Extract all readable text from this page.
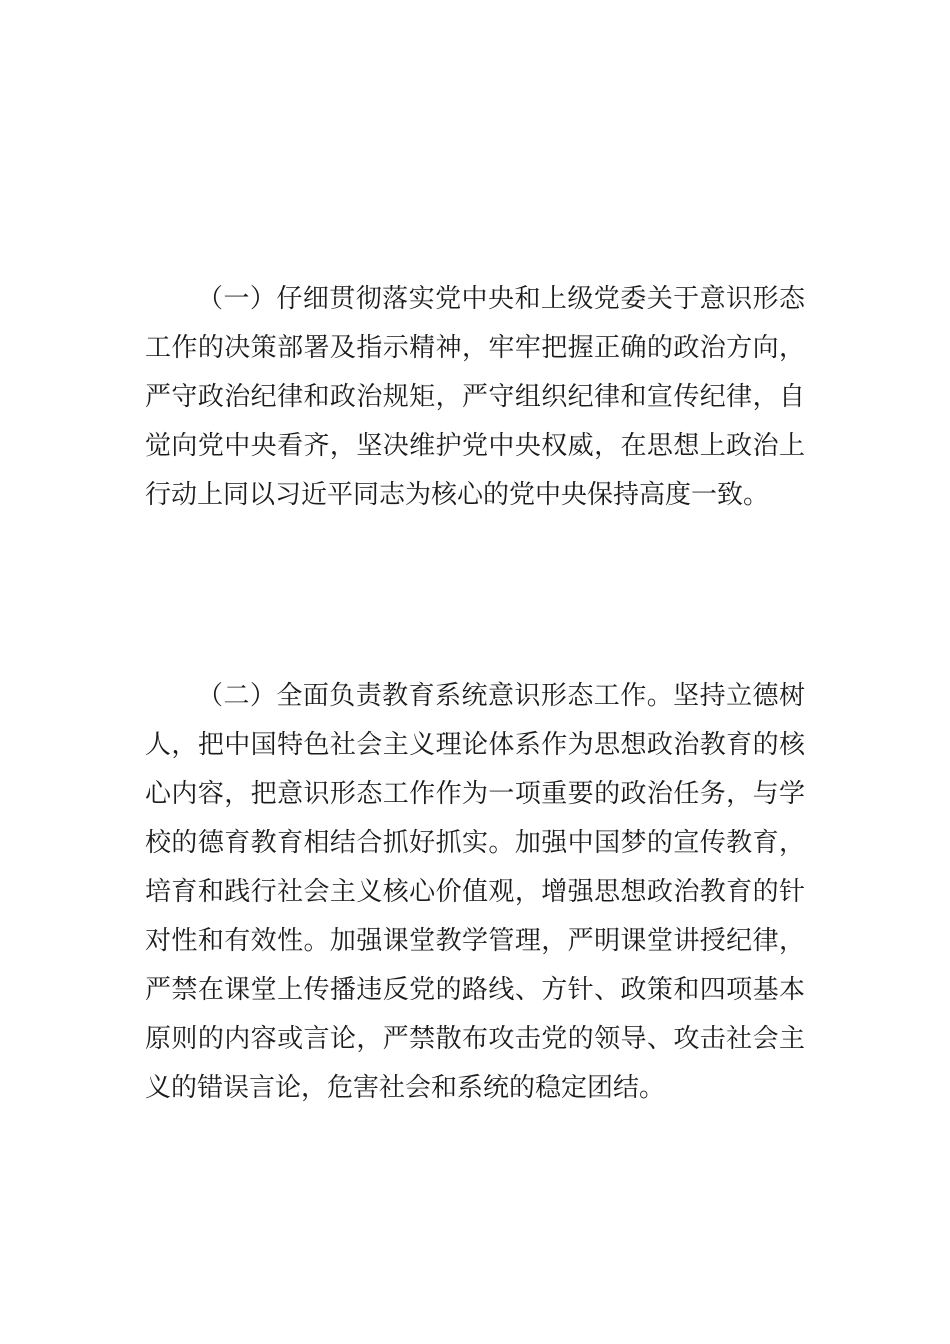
（一）仔细贯彻落实党中央和上级党委关于意识形态工作的决策部署及指示精神，牢牢把握正确的政治方向，严守政治纪律和政治规矩，严守组织纪律和宣传纪律，自觉向党中央看齐，坚决维护党中央权威，在思想上政治上行动上同以习近平同志为核心的党中央保持高度一致。

（二）全面负责教育系统意识形态工作。坚持立德树人，把中国特色社会主义理论体系作为思想政治教育的核心内容，把意识形态工作作为一项重要的政治任务，与学校的德育教育相结合抓好抓实。加强中国梦的宣传教育，培育和践行社会主义核心价值观，增强思想政治教育的针对性和有效性。加强课堂教学管理，严明课堂讲授纪律，严禁在课堂上传播违反党的路线、方针、政策和四项基本原则的内容或言论，严禁散布攻击党的领导、攻击社会主义的错误言论，危害社会和系统的稳定团结。
